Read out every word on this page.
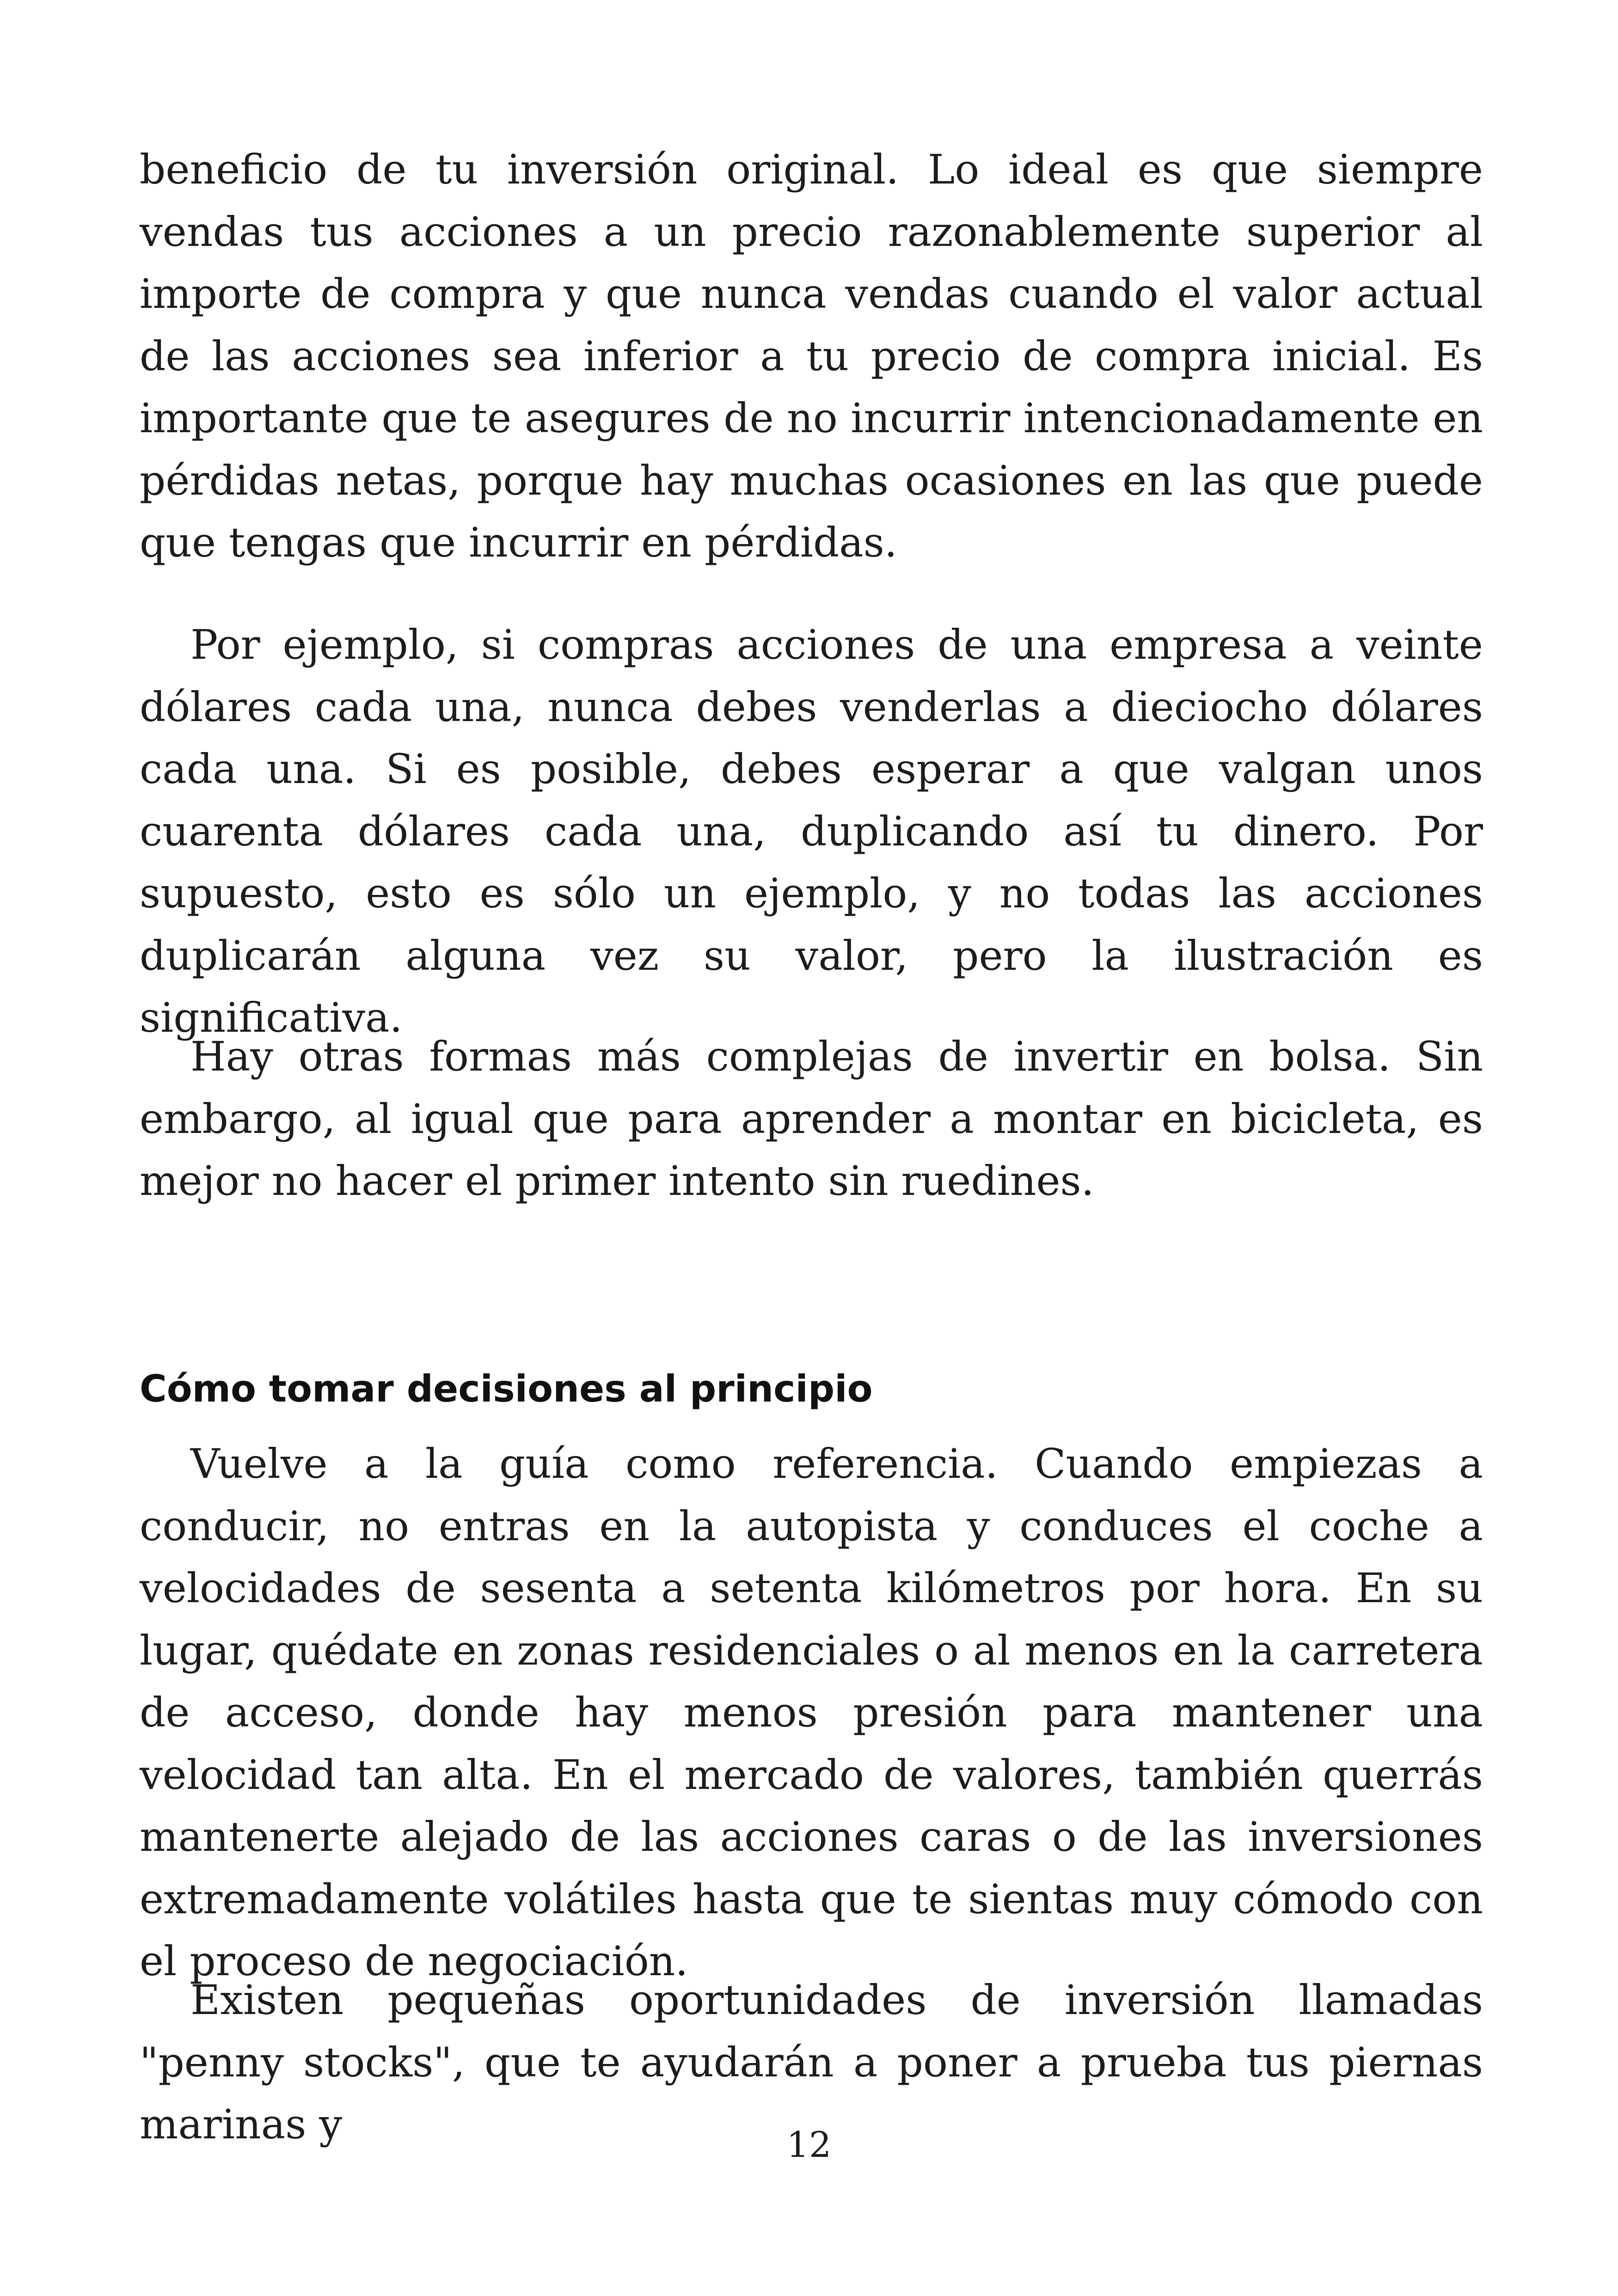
beneficio de tu inversión original. Lo ideal es que siempre vendas tus acciones a un precio razonablemente superior al importe de compra y que nunca vendas cuando el valor actual de las acciones sea inferior a tu precio de compra inicial. Es importante que te asegures de no incurrir intencionadamente en pérdidas netas, porque hay muchas ocasiones en las que puede que tengas que incurrir en pérdidas.

Por ejemplo, si compras acciones de una empresa a veinte dólares cada una, nunca debes venderlas a dieciocho dólares cada una. Si es posible, debes esperar a que valgan unos cuarenta dólares cada una, duplicando así tu dinero. Por supuesto, esto es sólo un ejemplo, y no todas las acciones duplicarán alguna vez su valor, pero la ilustración es significativa.

Hay otras formas más complejas de invertir en bolsa. Sin embargo, al igual que para aprender a montar en bicicleta, es mejor no hacer el primer intento sin ruedines.

Cómo tomar decisiones al principio

Vuelve a la guía como referencia. Cuando empiezas a conducir, no entras en la autopista y conduces el coche a velocidades de sesenta a setenta kilómetros por hora. En su lugar, quédate en zonas residenciales o al menos en la carretera de acceso, donde hay menos presión para mantener una velocidad tan alta. En el mercado de valores, también querrás mantenerte alejado de las acciones caras o de las inversiones extremadamente volátiles hasta que te sientas muy cómodo con el proceso de negociación.

Existen pequeñas oportunidades de inversión llamadas "penny stocks", que te ayudarán a poner a prueba tus piernas marinas y	12
